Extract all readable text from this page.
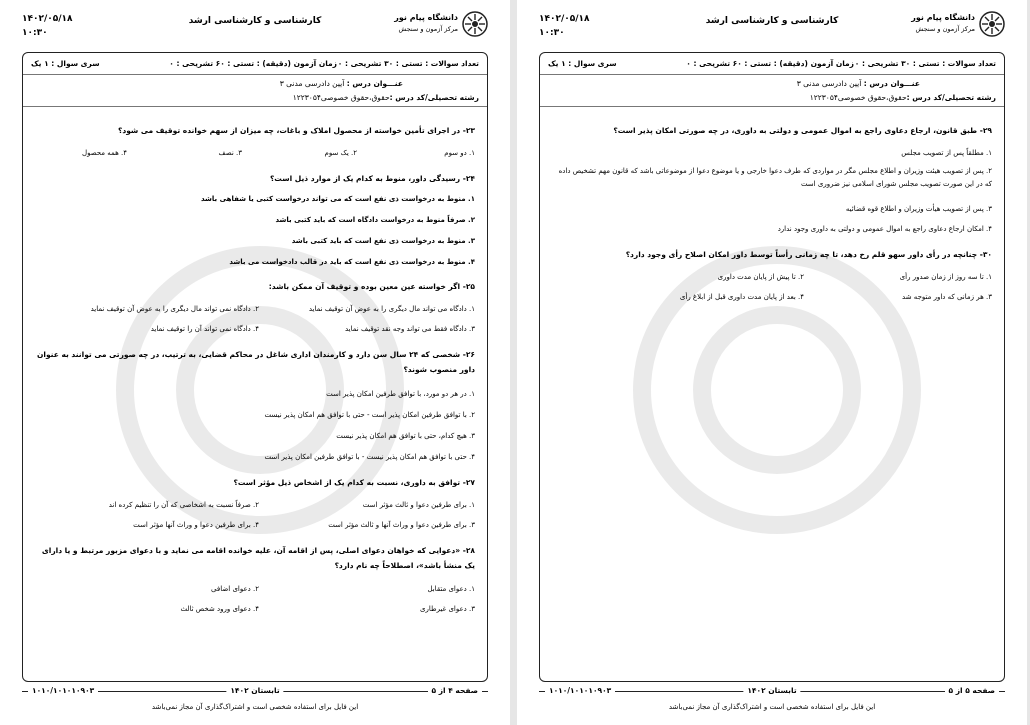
دانشگاه پیام نور
مرکز آزمون و سنجش
کارشناسی و کارشناسی ارشد
۱۴۰۲/۰۵/۱۸
۱۰:۳۰
تعداد سوالات : تستی : ۳۰ تشریحی : ۰
زمان آزمون (دقیقه) : تستی : ۶۰ تشریحی : ۰
سری سوال : ۱ یک
عنـــوان درس : آیین دادرسی مدنی ۳
رشته تحصیلی/کد درس :حقوق،حقوق خصوصی۱۲۲۳۰۵۴
۲۳- در اجرای تأمین خواسته از محصول املاک و باغات، چه میزان از سهم خوانده توقیف می شود؟
۱. دو سوم
۲. یک سوم
۳. نصف
۴. همه محصول
۲۴- رسیدگی داور، منوط به کدام یک از موارد ذیل است؟
۱. منوط به درخواست ذی نفع است که می تواند درخواست کتبی یا شفاهی باشد
۲. صرفاً منوط به درخواست دادگاه است که باید کتبی باشد
۳. منوط به درخواست ذی نفع است که باید کتبی باشد
۴. منوط به درخواست ذی نفع است که باید در قالب دادخواست می باشد
۲۵- اگر خواسته عین معین بوده و توقیف آن ممکن باشد:
۱. دادگاه می تواند مال دیگری را به عوض آن توقیف نماید
۲. دادگاه نمی تواند مال دیگری را به عوض آن توقیف نماید
۳. دادگاه فقط می تواند وجه نقد توقیف نماید
۴. دادگاه نمی تواند آن را توقیف نماید
۲۶- شخصی که ۲۴ سال سن دارد و کارمندان اداری شاغل در محاکم قضایی، به ترتیب، در چه صورتی می توانند به عنوان داور منصوب شوند؟
۱. در هر دو مورد، با توافق طرفین امکان پذیر است
۲. با توافق طرفین امکان پذیر است - حتی با توافق هم امکان پذیر نیست
۳. هیچ کدام، حتی با توافق هم امکان پذیر نیست
۴. حتی با توافق هم امکان پذیر نیست - با توافق طرفین امکان پذیر است
۲۷- توافق به داوری، نسبت به کدام یک از اشخاص ذیل مؤثر است؟
۱. برای طرفین دعوا و ثالث مؤثر است
۲. صرفاً نسبت به اشخاصی که آن را تنظیم کرده اند
۳. برای طرفین دعوا و وراث آنها و ثالث مؤثر است
۴. برای طرفین دعوا و وراث آنها مؤثر است
۲۸- «دعوایی که خواهان دعوای اصلی، پس از اقامه آن، علیه خوانده اقامه می نماید و با دعوای مزبور مرتبط و یا دارای یک منشأ باشد»، اصطلاحاً چه نام دارد؟
۱. دعوای متقابل
۲. دعوای اضافی
۳. دعوای غیرطاری
۴. دعوای ورود شخص ثالث
صفحه ۴ از ۵
تابستان ۱۴۰۲
۱۰۱۰/۱۰۱۰۱۰۹۰۳
این فایل برای استفاده شخصی است و اشتراک‌گذاری آن مجاز نمی‌باشد
دانشگاه پیام نور
مرکز آزمون و سنجش
کارشناسی و کارشناسی ارشد
۱۴۰۲/۰۵/۱۸
۱۰:۳۰
تعداد سوالات : تستی : ۳۰ تشریحی : ۰
زمان آزمون (دقیقه) : تستی : ۶۰ تشریحی : ۰
سری سوال : ۱ یک
عنـــوان درس : آیین دادرسی مدنی ۳
رشته تحصیلی/کد درس :حقوق،حقوق خصوصی۱۲۲۳۰۵۴
۲۹- طبق قانون، ارجاع دعاوی راجع به اموال عمومی و دولتی به داوری، در چه صورتی امکان پذیر است؟
۱. مطلقاً پس از تصویب مجلس
۲. پس از تصویب هیئت وزیران و اطلاع مجلس مگر در مواردی که طرف دعوا خارجی و یا موضوع دعوا از موضوعاتی باشد که قانون مهم تشخیص داده که در این صورت تصویب مجلس شورای اسلامی نیز ضروری است
۳. پس از تصویب هیأت وزیران و اطلاع قوه قضائیه
۴. امکان ارجاع دعاوی راجع به اموال عمومی و دولتی به داوری وجود ندارد
۳۰- چنانچه در رأی داور سهو قلم رخ دهد، تا چه زمانی رأساً توسط داور امکان اصلاح رأی وجود دارد؟
۱. تا سه روز از زمان صدور رأی
۲. تا پیش از پایان مدت داوری
۳. هر زمانی که داور متوجه شد
۴. بعد از پایان مدت داوری قبل از ابلاغ رأی
صفحه ۵ از ۵
تابستان ۱۴۰۲
۱۰۱۰/۱۰۱۰۱۰۹۰۳
این فایل برای استفاده شخصی است و اشتراک‌گذاری آن مجاز نمی‌باشد
